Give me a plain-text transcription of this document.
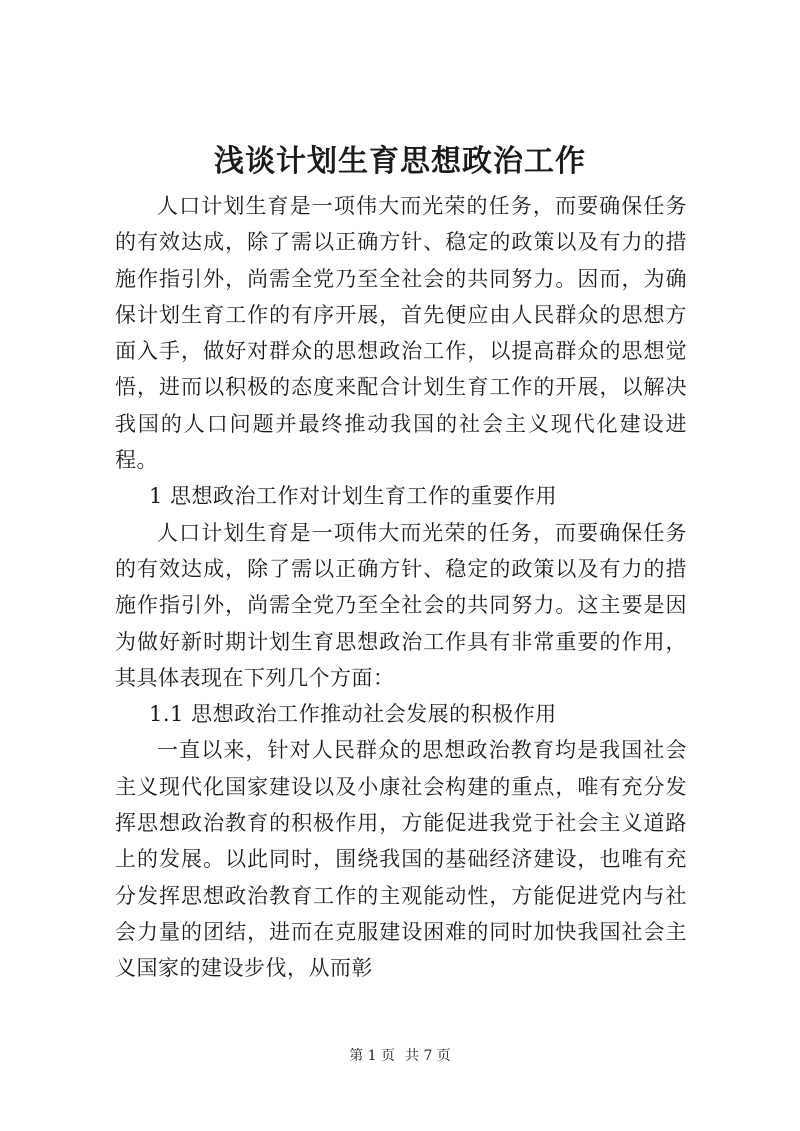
浅谈计划生育思想政治工作

人口计划生育是一项伟大而光荣的任务，而要确保任务的有效达成，除了需以正确方针、稳定的政策以及有力的措施作指引外，尚需全党乃至全社会的共同努力。因而，为确保计划生育工作的有序开展，首先便应由人民群众的思想方面入手，做好对群众的思想政治工作，以提高群众的思想觉悟，进而以积极的态度来配合计划生育工作的开展，以解决我国的人口问题并最终推动我国的社会主义现代化建设进程。

1 思想政治工作对计划生育工作的重要作用

人口计划生育是一项伟大而光荣的任务，而要确保任务的有效达成，除了需以正确方针、稳定的政策以及有力的措施作指引外，尚需全党乃至全社会的共同努力。这主要是因为做好新时期计划生育思想政治工作具有非常重要的作用，其具体表现在下列几个方面：

1.1 思想政治工作推动社会发展的积极作用

一直以来，针对人民群众的思想政治教育均是我国社会主义现代化国家建设以及小康社会构建的重点，唯有充分发挥思想政治教育的积极作用，方能促进我党于社会主义道路上的发展。以此同时，围绕我国的基础经济建设，也唯有充分发挥思想政治教育工作的主观能动性，方能促进党内与社会力量的团结，进而在克服建设困难的同时加快我国社会主义国家的建设步伐，从而彰

第 1 页 共 7 页
